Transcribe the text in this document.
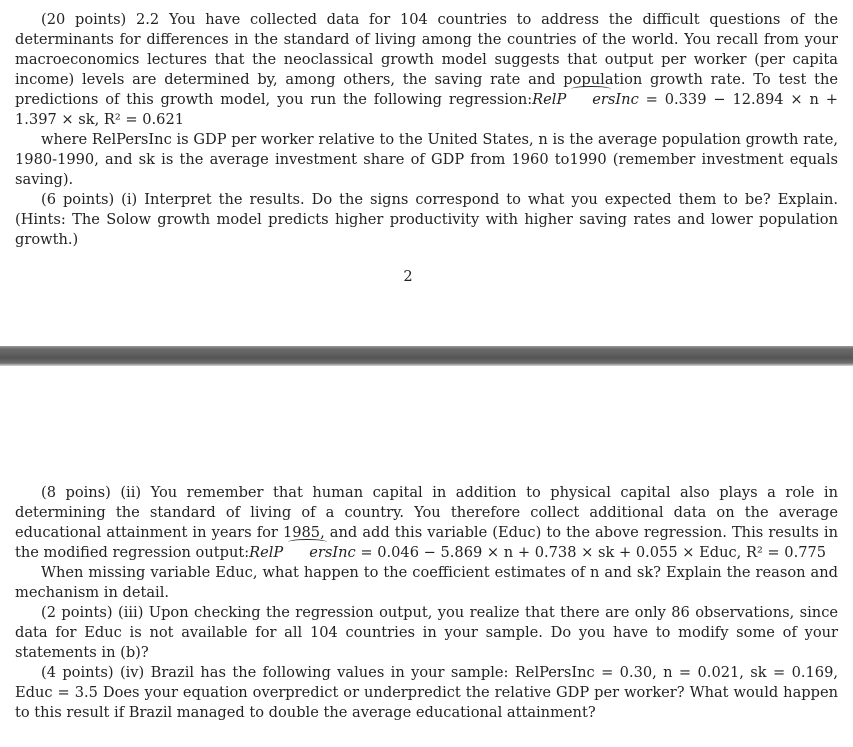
(20 points) 2.2 You have collected data for 104 countries to address the difficult questions of the determinants for differences in the standard of living among the countries of the world. You recall from your macroeconomics lectures that the neoclassical growth model suggests that output per worker (per capita income) levels are determined by, among others, the saving rate and population growth rate. To test the predictions of this growth model, you run the following regression:RelP ersInc = 0.339 − 12.894 × n + 1.397 × sk, R² = 0.621

where RelPersInc is GDP per worker relative to the United States, n is the average population growth rate, 1980-1990, and sk is the average investment share of GDP from 1960 to1990 (remember investment equals saving).

(6 points) (i) Interpret the results. Do the signs correspond to what you expected them to be? Explain. (Hints: The Solow growth model predicts higher productivity with higher saving rates and lower population growth.)

2

(8 poins) (ii) You remember that human capital in addition to physical capital also plays a role in determining the standard of living of a country. You therefore collect additional data on the average educational attainment in years for 1985, and add this variable (Educ) to the above regression. This results in the modified regression output:RelP ersInc = 0.046 − 5.869 × n + 0.738 × sk + 0.055 × Educ, R² = 0.775

When missing variable Educ, what happen to the coefficient estimates of n and sk? Explain the reason and mechanism in detail.

(2 points) (iii) Upon checking the regression output, you realize that there are only 86 observations, since data for Educ is not available for all 104 countries in your sample. Do you have to modify some of your statements in (b)?

(4 points) (iv) Brazil has the following values in your sample: RelPersInc = 0.30, n = 0.021, sk = 0.169, Educ = 3.5 Does your equation overpredict or underpredict the relative GDP per worker? What would happen to this result if Brazil managed to double the average educational attainment?
